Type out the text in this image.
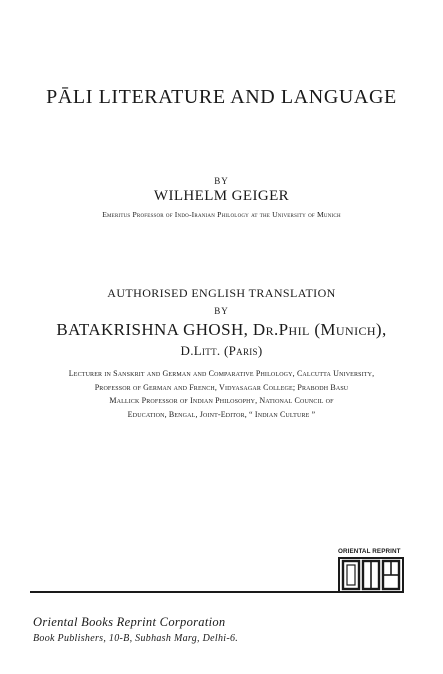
PĀLI LITERATURE AND LANGUAGE
BY
WILHELM GEIGER
Emeritus Professor of Indo-Iranian Philology at the University of Munich
AUTHORISED ENGLISH TRANSLATION
BY
BATAKRISHNA GHOSH, Dr.Phil (Munich),
D.Litt. (Paris)
Lecturer in Sanskrit and German and Comparative Philology, Calcutta University,
Professor of German and French, Vidyasagar College; Prabodh Basu
Mallick Professor of Indian Philosophy, National Council of
Education, Bengal, Joint-Editor, “ Indian Culture ”
ORIENTAL REPRINT
Oriental Books Reprint Corporation
Book Publishers, 10-B, Subhash Marg, Delhi-6.
